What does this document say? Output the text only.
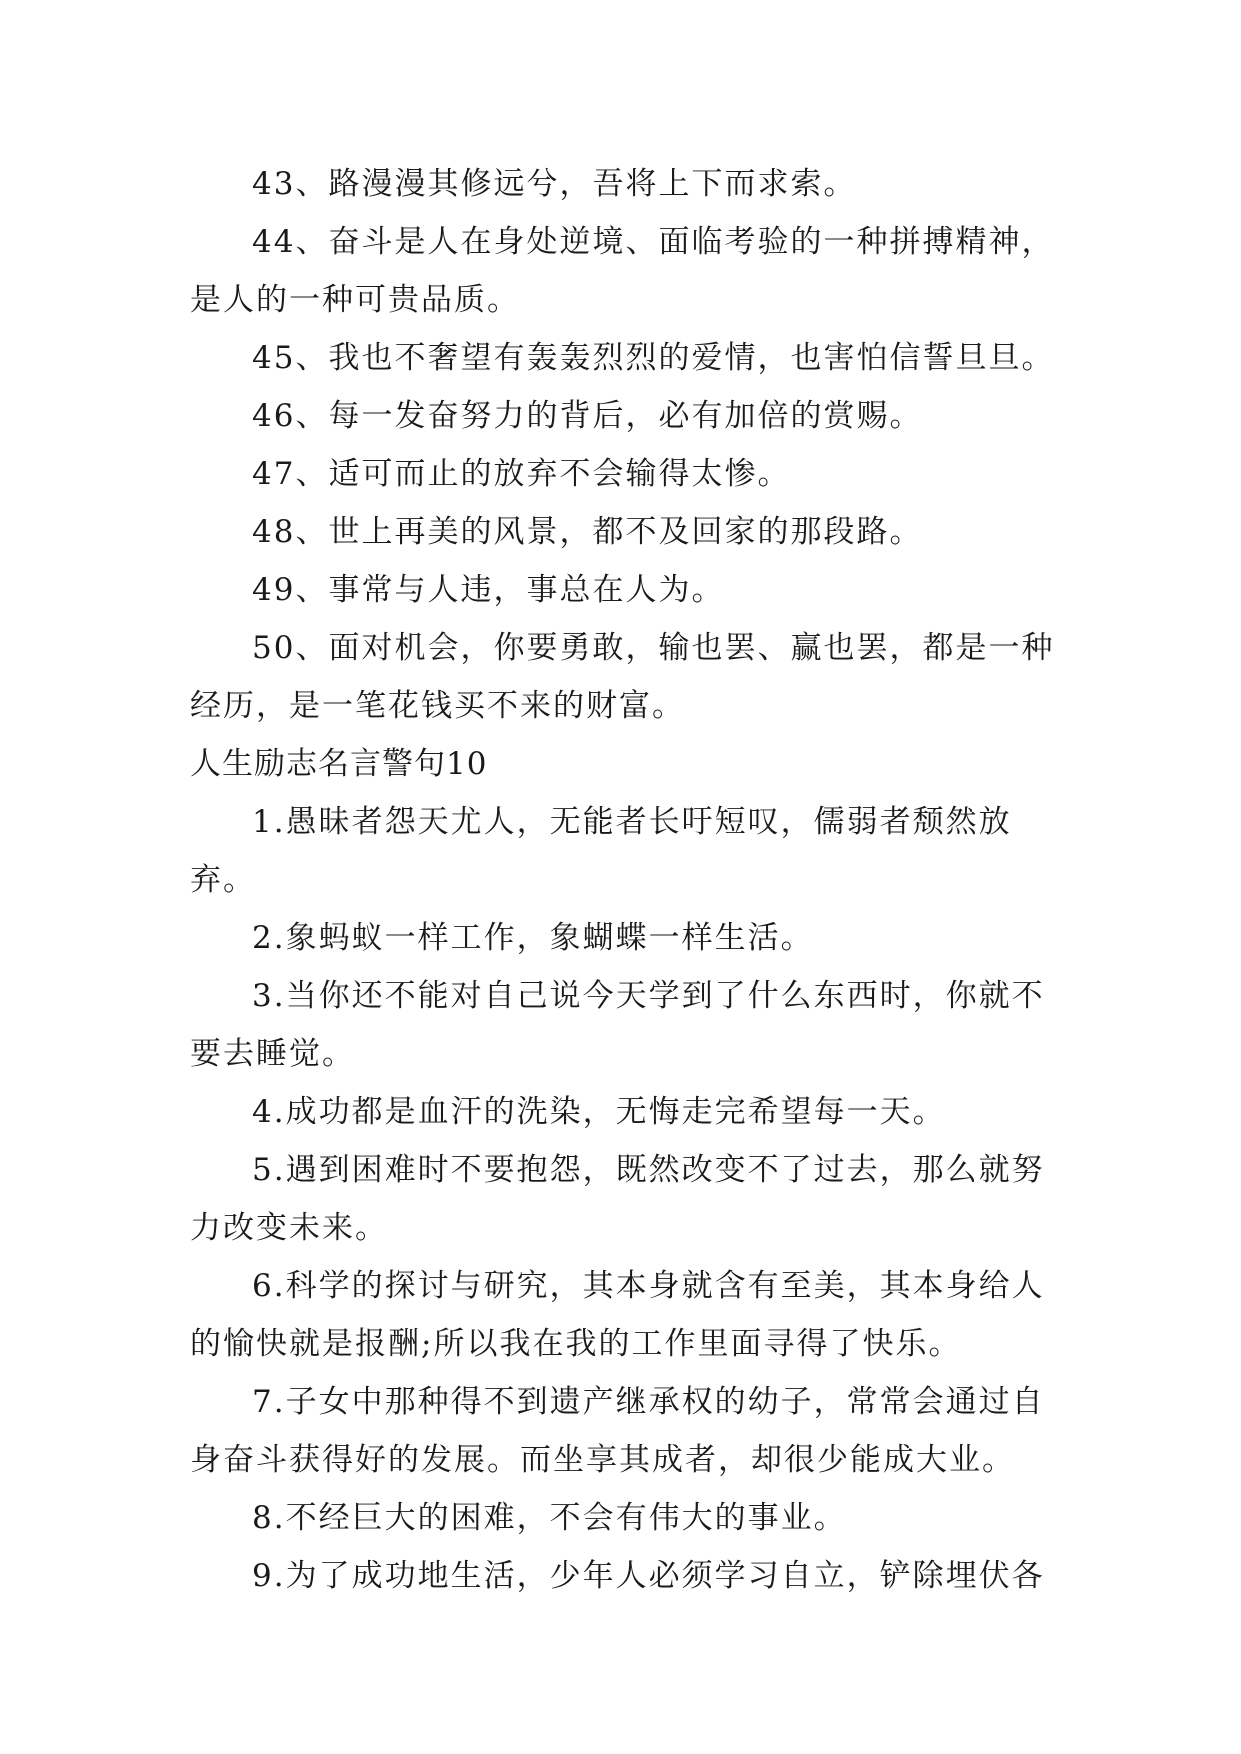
43、路漫漫其修远兮，吾将上下而求索。

44、奋斗是人在身处逆境、面临考验的一种拼搏精神，是人的一种可贵品质。

45、我也不奢望有轰轰烈烈的爱情，也害怕信誓旦旦。

46、每一发奋努力的背后，必有加倍的赏赐。

47、适可而止的放弃不会输得太惨。

48、世上再美的风景，都不及回家的那段路。

49、事常与人违，事总在人为。

50、面对机会，你要勇敢，输也罢、赢也罢，都是一种经历，是一笔花钱买不来的财富。

人生励志名言警句10

1.愚昧者怨天尤人，无能者长吁短叹，儒弱者颓然放弃。

2.象蚂蚁一样工作，象蝴蝶一样生活。

3.当你还不能对自己说今天学到了什么东西时，你就不要去睡觉。

4.成功都是血汗的洗染，无悔走完希望每一天。

5.遇到困难时不要抱怨，既然改变不了过去，那么就努力改变未来。

6.科学的探讨与研究，其本身就含有至美，其本身给人的愉快就是报酬;所以我在我的工作里面寻得了快乐。

7.子女中那种得不到遗产继承权的幼子，常常会通过自身奋斗获得好的发展。而坐享其成者，却很少能成大业。

8.不经巨大的困难，不会有伟大的事业。

9.为了成功地生活，少年人必须学习自立，铲除埋伏各
